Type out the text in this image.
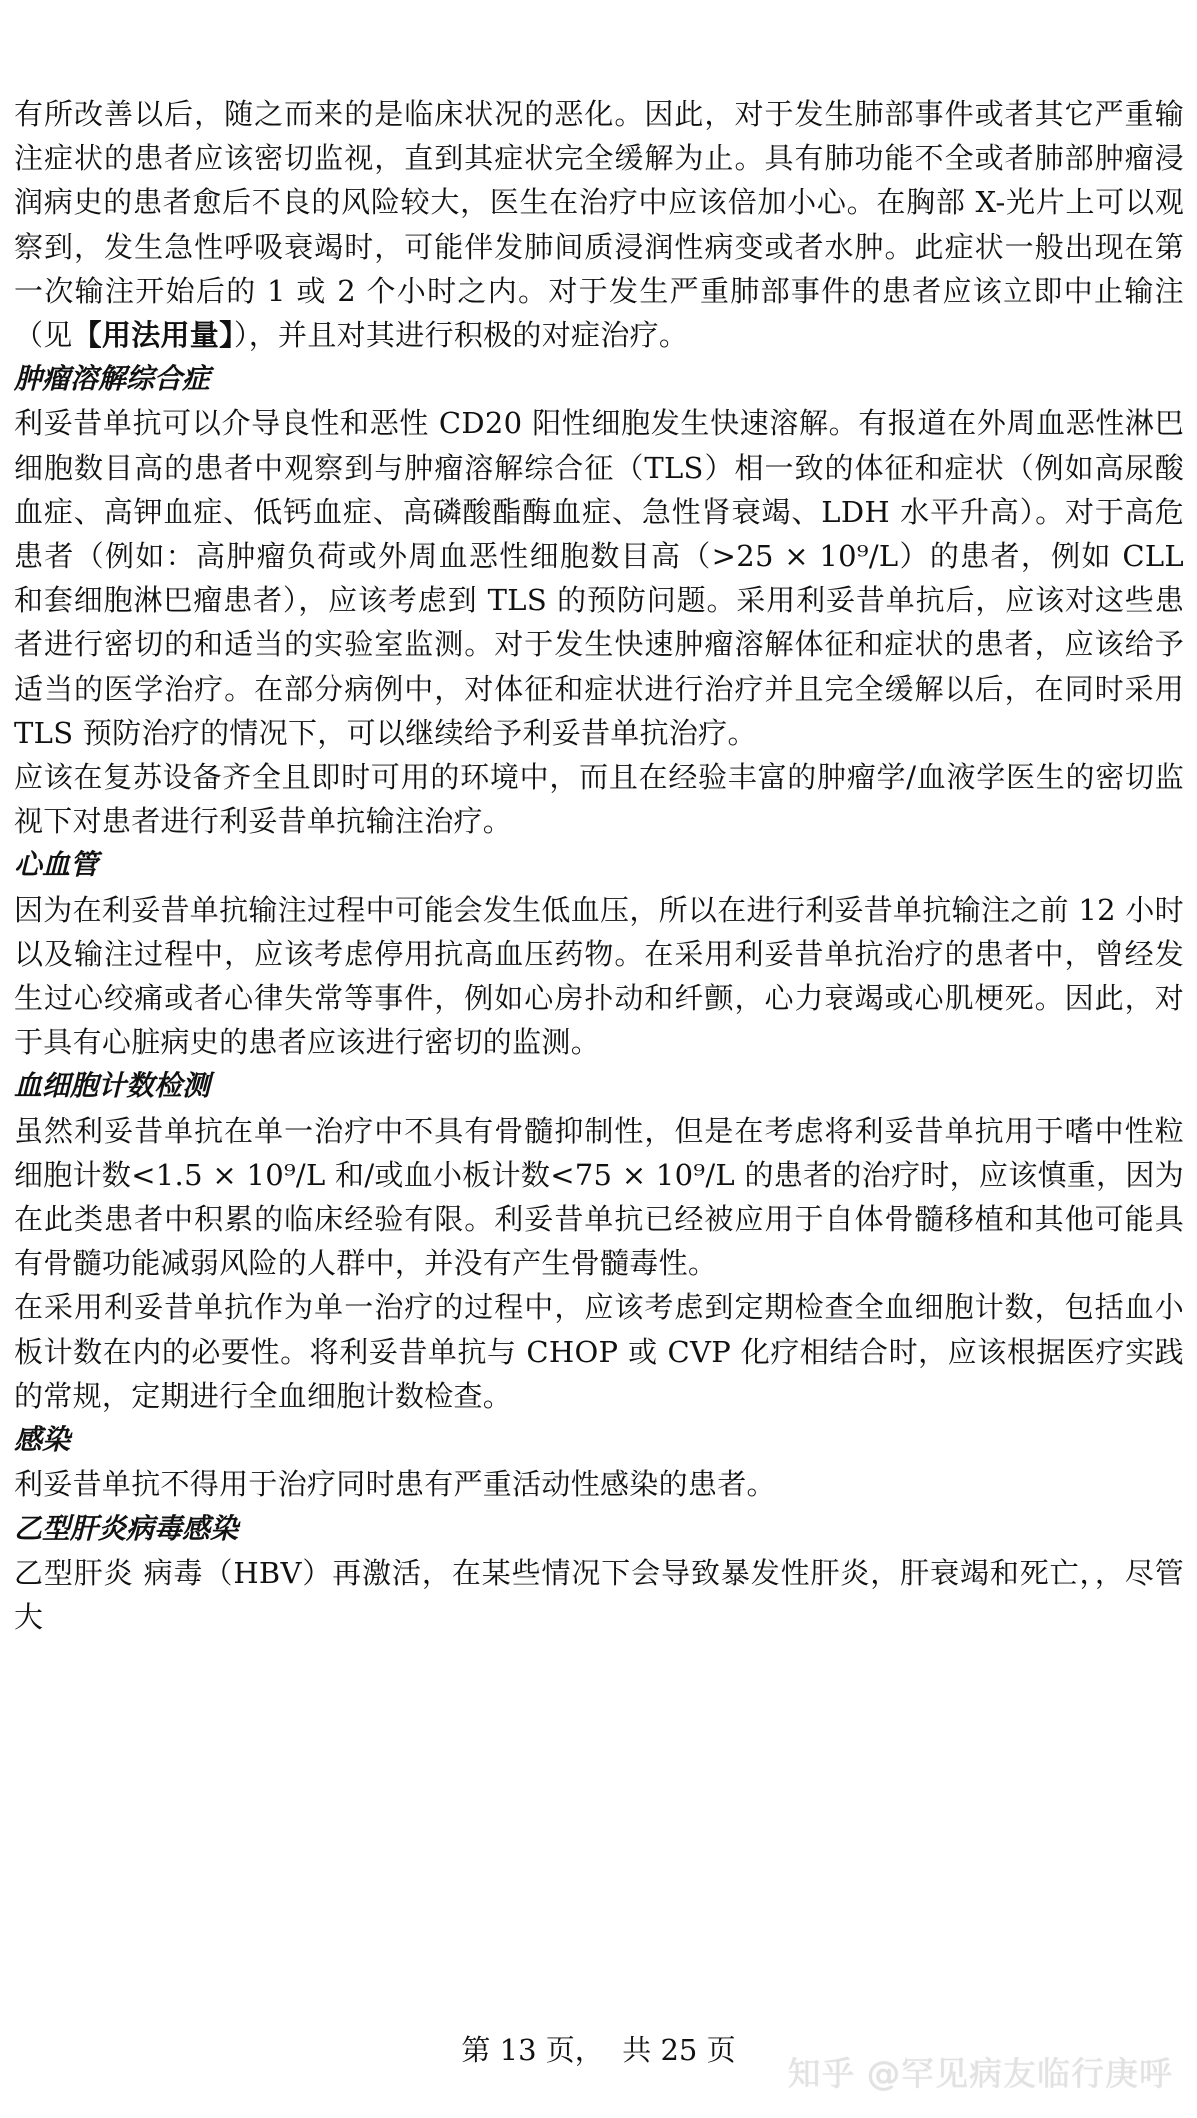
有所改善以后，随之而来的是临床状况的恶化。因此，对于发生肺部事件或者其它严重输注症状的患者应该密切监视，直到其症状完全缓解为止。具有肺功能不全或者肺部肿瘤浸润病史的患者愈后不良的风险较大，医生在治疗中应该倍加小心。在胸部 X-光片上可以观察到，发生急性呼吸衰竭时，可能伴发肺间质浸润性病变或者水肿。此症状一般出现在第一次输注开始后的 1 或 2 个小时之内。对于发生严重肺部事件的患者应该立即中止输注（见【用法用量】），并且对其进行积极的对症治疗。

肿瘤溶解综合症

利妥昔单抗可以介导良性和恶性 CD20 阳性细胞发生快速溶解。有报道在外周血恶性淋巴细胞数目高的患者中观察到与肿瘤溶解综合征（TLS）相一致的体征和症状（例如高尿酸血症、高钾血症、低钙血症、高磷酸酯酶血症、急性肾衰竭、LDH 水平升高）。对于高危患者（例如：高肿瘤负荷或外周血恶性细胞数目高（>25 × 10⁹/L）的患者，例如 CLL 和套细胞淋巴瘤患者），应该考虑到 TLS 的预防问题。采用利妥昔单抗后，应该对这些患者进行密切的和适当的实验室监测。对于发生快速肿瘤溶解体征和症状的患者，应该给予适当的医学治疗。在部分病例中，对体征和症状进行治疗并且完全缓解以后，在同时采用 TLS 预防治疗的情况下，可以继续给予利妥昔单抗治疗。

应该在复苏设备齐全且即时可用的环境中，而且在经验丰富的肿瘤学/血液学医生的密切监视下对患者进行利妥昔单抗输注治疗。

心血管

因为在利妥昔单抗输注过程中可能会发生低血压，所以在进行利妥昔单抗输注之前 12 小时以及输注过程中，应该考虑停用抗高血压药物。在采用利妥昔单抗治疗的患者中，曾经发生过心绞痛或者心律失常等事件，例如心房扑动和纤颤，心力衰竭或心肌梗死。因此，对于具有心脏病史的患者应该进行密切的监测。

血细胞计数检测

虽然利妥昔单抗在单一治疗中不具有骨髓抑制性，但是在考虑将利妥昔单抗用于嗜中性粒细胞计数<1.5 × 10⁹/L 和/或血小板计数<75 × 10⁹/L 的患者的治疗时，应该慎重，因为在此类患者中积累的临床经验有限。利妥昔单抗已经被应用于自体骨髓移植和其他可能具有骨髓功能减弱风险的人群中，并没有产生骨髓毒性。

在采用利妥昔单抗作为单一治疗的过程中，应该考虑到定期检查全血细胞计数，包括血小板计数在内的必要性。将利妥昔单抗与 CHOP 或 CVP 化疗相结合时，应该根据医疗实践的常规，定期进行全血细胞计数检查。

感染

利妥昔单抗不得用于治疗同时患有严重活动性感染的患者。

乙型肝炎病毒感染

乙型肝炎 病毒（HBV）再激活，在某些情况下会导致暴发性肝炎，肝衰竭和死亡，，尽管大

第 13 页，  共 25 页
知乎 @罕见病友临行庚呼
